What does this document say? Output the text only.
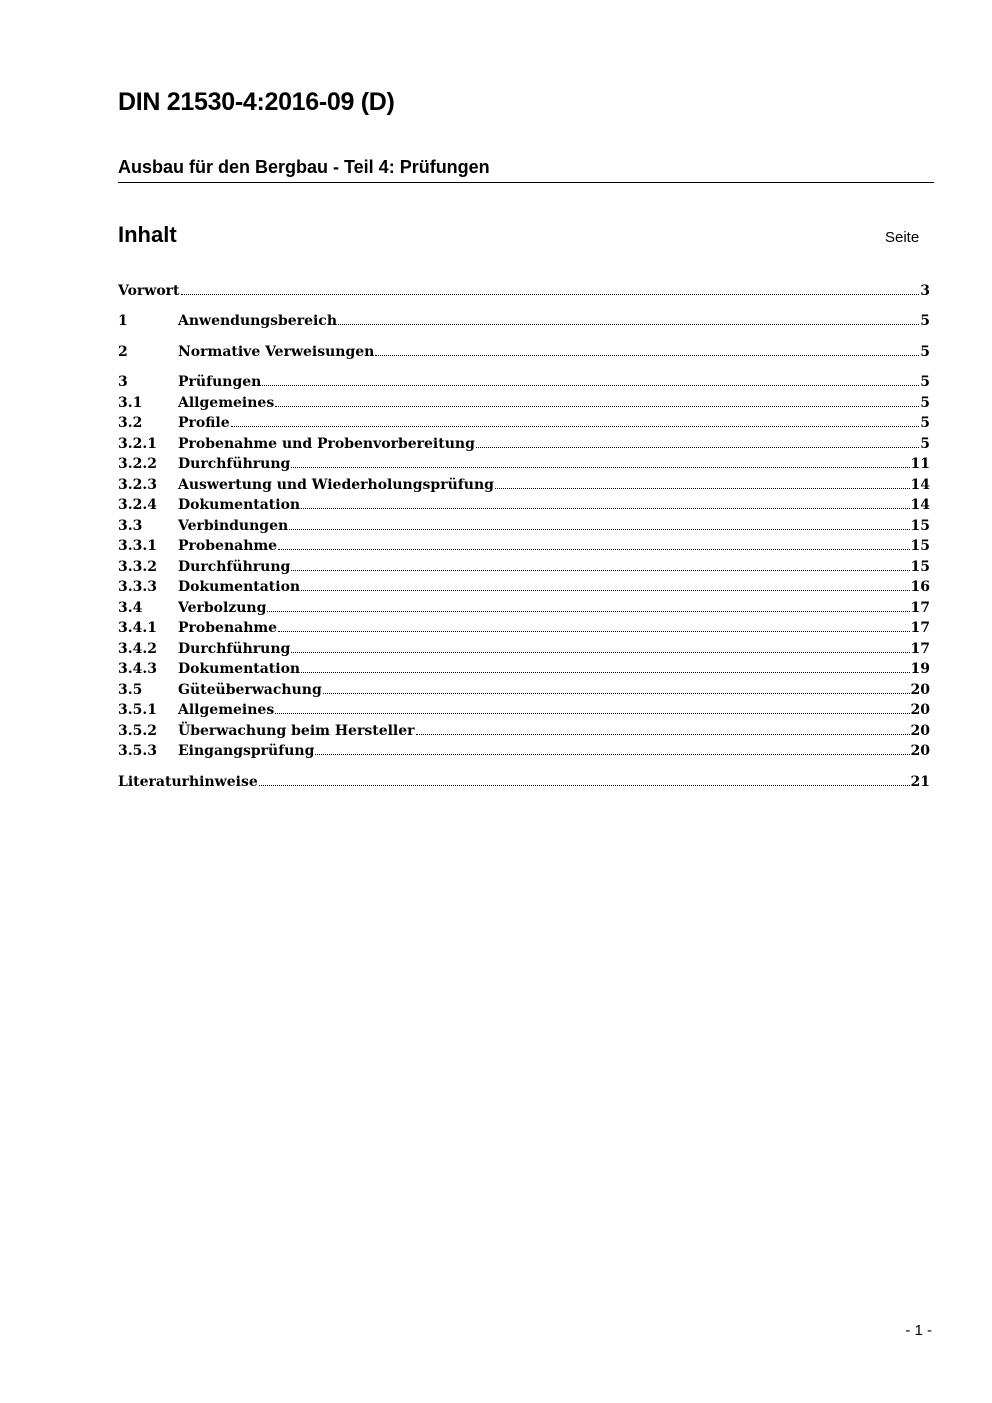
DIN 21530-4:2016-09 (D)
Ausbau für den Bergbau - Teil 4: Prüfungen
Inhalt	Seite
Vorwort	3
1	Anwendungsbereich	5
2	Normative Verweisungen	5
3	Prüfungen	5
3.1	Allgemeines	5
3.2	Profile	5
3.2.1	Probenahme und Probenvorbereitung	5
3.2.2	Durchführung	11
3.2.3	Auswertung und Wiederholungsprüfung	14
3.2.4	Dokumentation	14
3.3	Verbindungen	15
3.3.1	Probenahme	15
3.3.2	Durchführung	15
3.3.3	Dokumentation	16
3.4	Verbolzung	17
3.4.1	Probenahme	17
3.4.2	Durchführung	17
3.4.3	Dokumentation	19
3.5	Güteüberwachung	20
3.5.1	Allgemeines	20
3.5.2	Überwachung beim Hersteller	20
3.5.3	Eingangsprüfung	20
Literaturhinweise	21
- 1 -
